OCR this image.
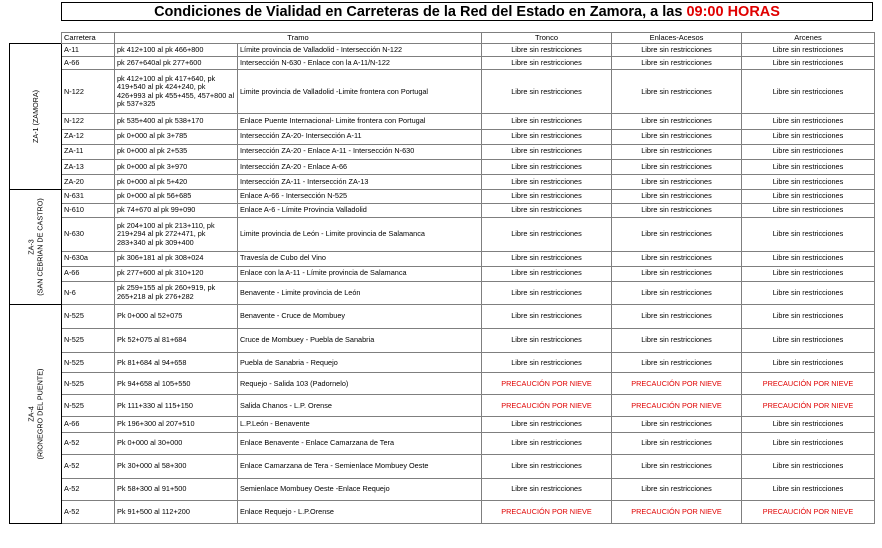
Condiciones de Vialidad en Carreteras de la Red del Estado en Zamora, a las
09:00 HORAS
	Carretera	Tramo		Tronco	Enlaces-Acesos	Arcenes

ZA-1 (ZAMORA)	A-11	pk 412+100 al pk 466+800	Límite provincia de Valladolid - Intersección N-122	Libre sin restricciones	Libre sin restricciones	Libre sin restricciones
	A-66	pk 267+640al pk 277+600	Intersección N-630 - Enlace con la A-11/N-122	Libre sin restricciones	Libre sin restricciones	Libre sin restricciones
	N-122	pk 412+100 al pk 417+640, pk 419+540 al pk 424+240, pk 426+993 al pk 455+455, 457+800 al pk 537+325	Limite provincia de Valladolid -Limite frontera con Portugal	Libre sin restricciones	Libre sin restricciones	Libre sin restricciones
	N-122	pk 535+400 al pk 538+170	Enlace Puente Internacional- Limite frontera con Portugal	Libre sin restricciones	Libre sin restricciones	Libre sin restricciones
	ZA-12	pk 0+000 al pk 3+785	Intersección ZA-20- Intersección A-11	Libre sin restricciones	Libre sin restricciones	Libre sin restricciones
	ZA-11	pk 0+000 al pk 2+535	Intersección ZA-20 - Enlace A-11 - Intersección N-630	Libre sin restricciones	Libre sin restricciones	Libre sin restricciones
	ZA-13	pk 0+000 al pk 3+970	Intersección ZA-20 - Enlace A-66	Libre sin restricciones	Libre sin restricciones	Libre sin restricciones
	ZA-20	pk 0+000 al pk 5+420	Intersección ZA-11 - Intersección ZA-13	Libre sin restricciones	Libre sin restricciones	Libre sin restricciones

ZA-3 (SAN CEBRIAN DE CASTRO)	N-631	pk 0+000 al pk 56+685	Enlace A-66 - Intersección N-525	Libre sin restricciones	Libre sin restricciones	Libre sin restricciones
	N-610	pk 74+670 al pk 99+090	Enlace A-6 - Límite Provincia Valladolid	Libre sin restricciones	Libre sin restricciones	Libre sin restricciones
	N-630	pk 204+100 al pk 213+110, pk 219+294 al pk 272+471, pk 283+340 al pk 309+400	Limite provincia de León - Limite provincia de Salamanca	Libre sin restricciones	Libre sin restricciones	Libre sin restricciones
	N-630a	pk 306+181 al pk 308+024	Travesía de Cubo del Vino	Libre sin restricciones	Libre sin restricciones	Libre sin restricciones
	A-66	pk 277+600 al pk 310+120	Enlace con la A-11 - Límite provincia de Salamanca	Libre sin restricciones	Libre sin restricciones	Libre sin restricciones
	N-6	pk 259+155 al pk 260+919, pk 265+218 al pk 276+282	Benavente - Limite provincia de León	Libre sin restricciones	Libre sin restricciones	Libre sin restricciones

ZA-4 (RIONEGRO DEL PUENTE)	N-525	Pk 0+000 al 52+075	Benavente - Cruce de Mombuey	Libre sin restricciones	Libre sin restricciones	Libre sin restricciones
	N-525	Pk 52+075 al 81+684	Cruce de Mombuey - Puebla de Sanabria	Libre sin restricciones	Libre sin restricciones	Libre sin restricciones
	N-525	Pk 81+684 al 94+658	Puebla de Sanabria - Requejo	Libre sin restricciones	Libre sin restricciones	Libre sin restricciones
	N-525	Pk 94+658 al 105+550	Requejo - Salida 103 (Padornelo)	PRECAUCIÓN POR NIEVE	PRECAUCIÓN POR NIEVE	PRECAUCIÓN POR NIEVE
	N-525	Pk 111+330 al 115+150	Salida Chanos - L.P. Orense	PRECAUCIÓN POR NIEVE	PRECAUCIÓN POR NIEVE	PRECAUCIÓN POR NIEVE
	A-66	Pk 196+300 al 207+510	L.P.León - Benavente	Libre sin restricciones	Libre sin restricciones	Libre sin restricciones
	A-52	Pk 0+000 al 30+000	Enlace Benavente - Enlace Camarzana de Tera	Libre sin restricciones	Libre sin restricciones	Libre sin restricciones
	A-52	Pk 30+000 al 58+300	Enlace Camarzana de Tera - Semienlace Mombuey Oeste	Libre sin restricciones	Libre sin restricciones	Libre sin restricciones
	A-52	Pk 58+300 al 91+500	Semienlace Mombuey Oeste -Enlace Requejo	Libre sin restricciones	Libre sin restricciones	Libre sin restricciones
	A-52	Pk 91+500 al 112+200	Enlace Requejo - L.P.Orense	PRECAUCIÓN POR NIEVE	PRECAUCIÓN POR NIEVE	PRECAUCIÓN POR NIEVE
